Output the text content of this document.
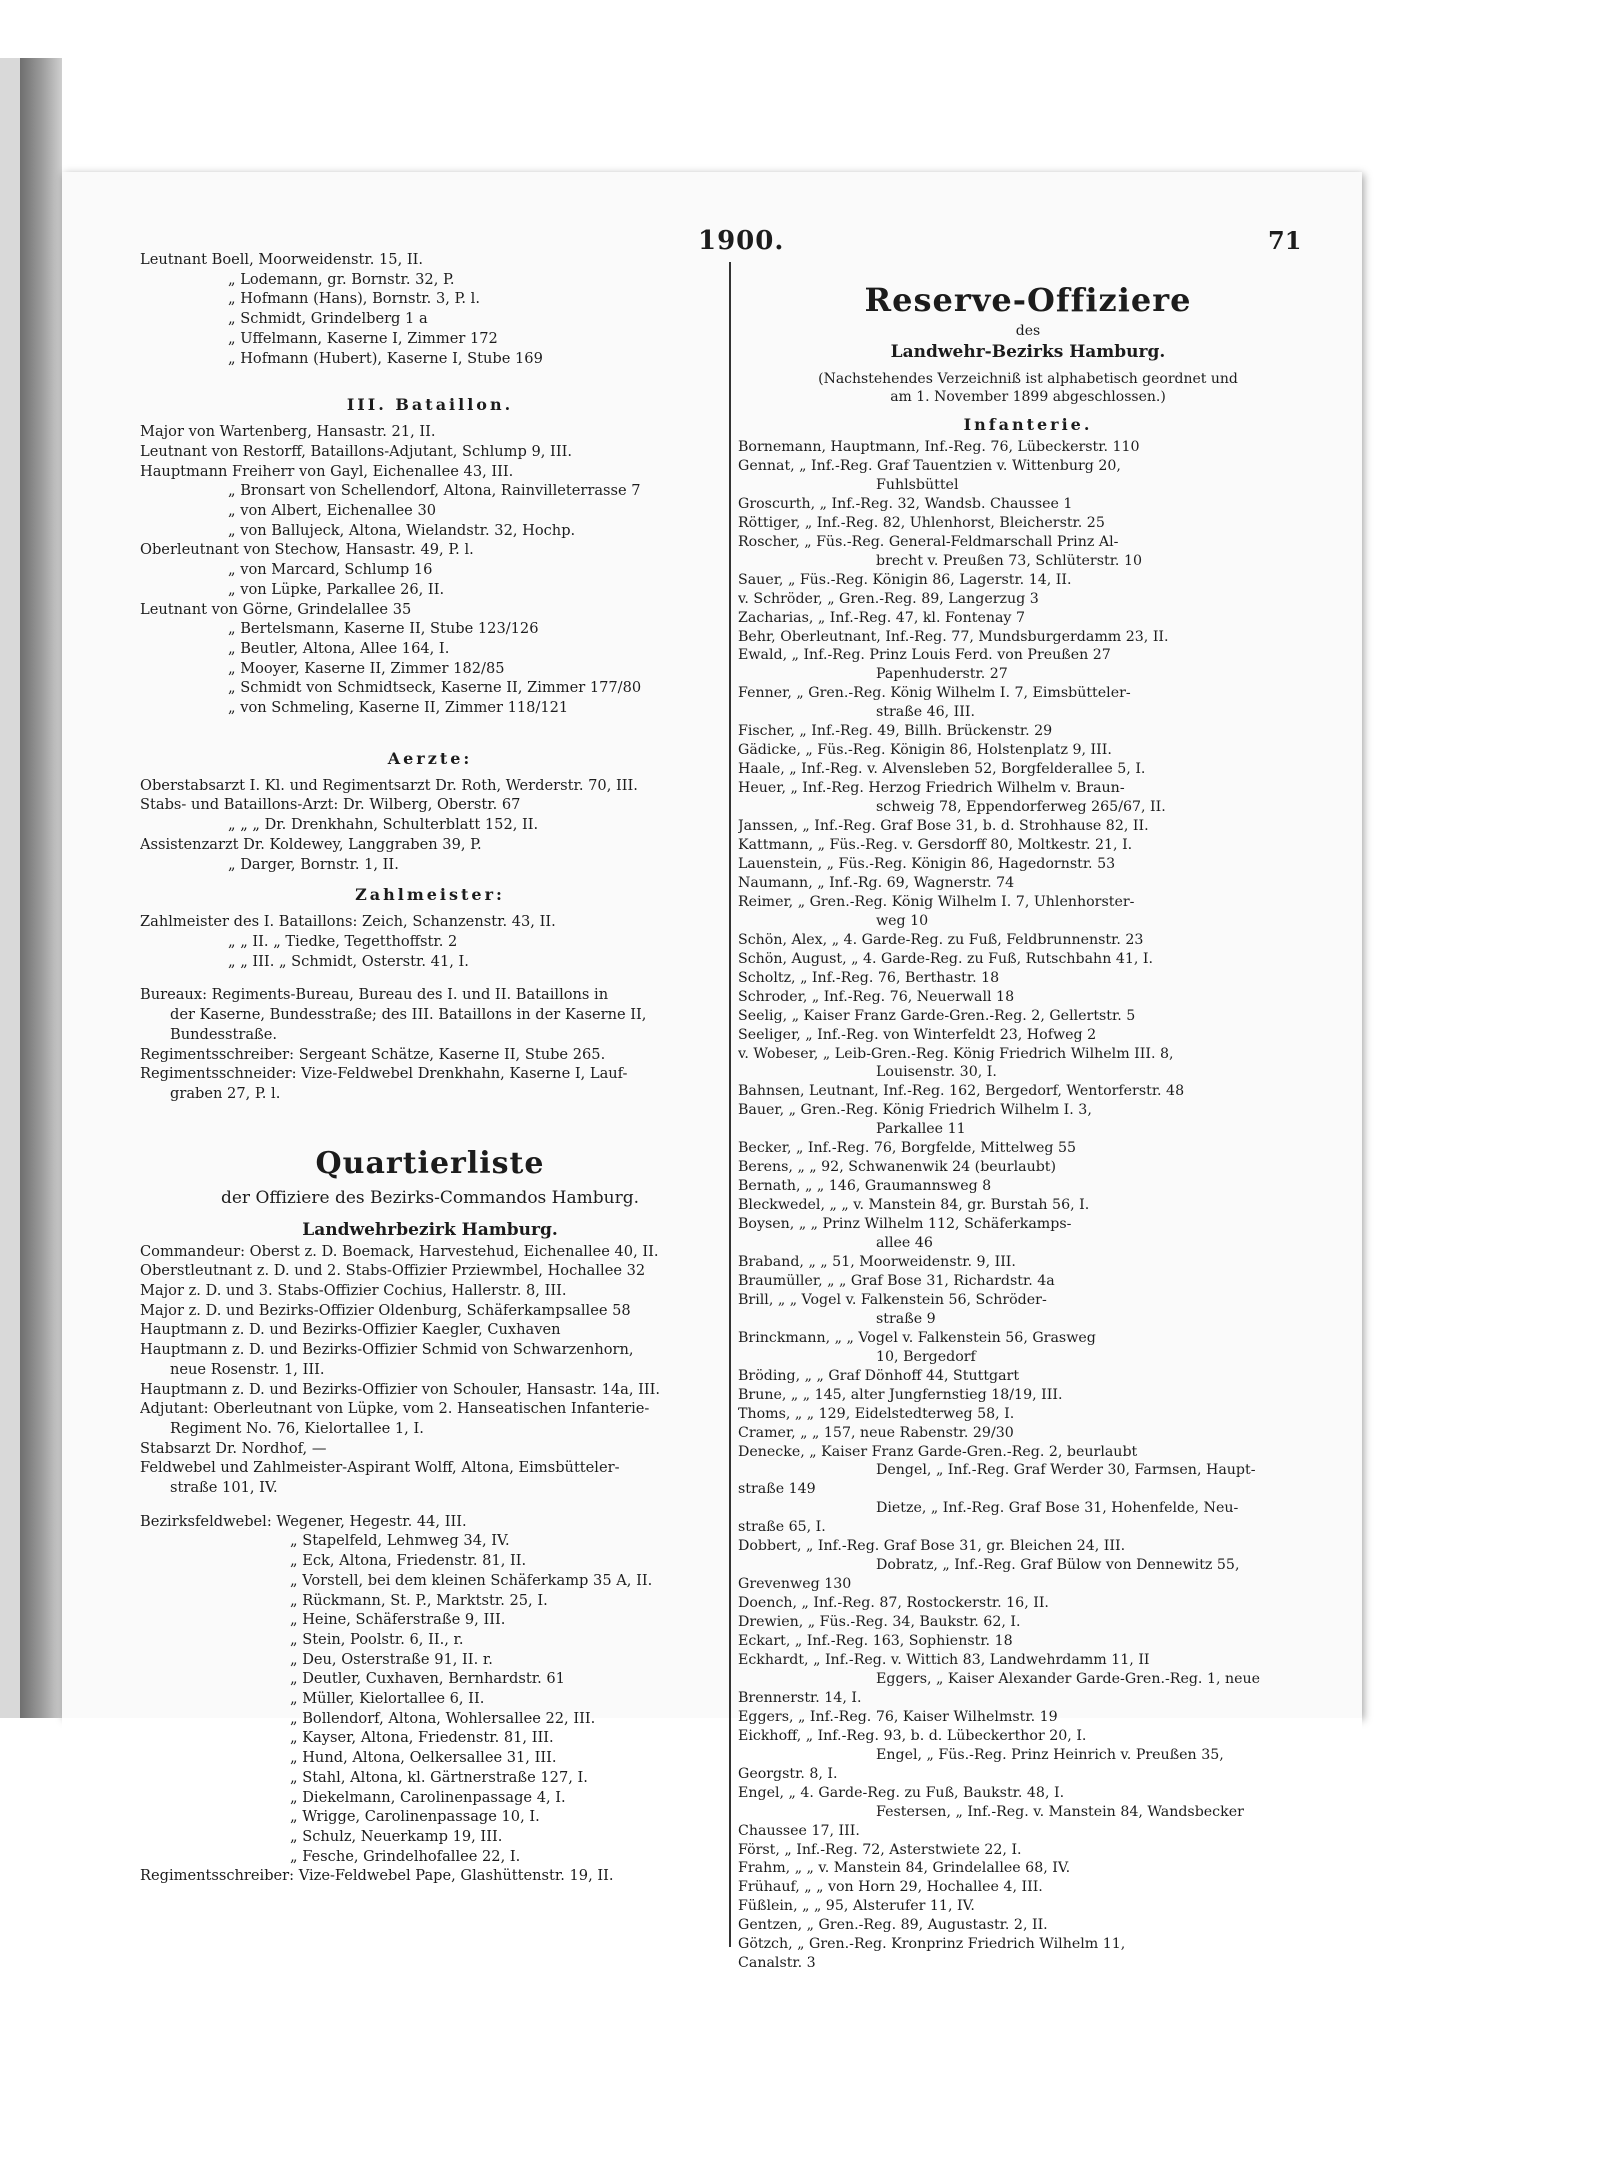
1900.	71
Leutnant Boell, Moorweidenstr. 15, II.
„ Lodemann, gr. Bornstr. 32, P.
„ Hofmann (Hans), Bornstr. 3, P. l.
„ Schmidt, Grindelberg 1 a
„ Uffelmann, Kaserne I, Zimmer 172
„ Hofmann (Hubert), Kaserne I, Stube 169
III. Bataillon.
Major von Wartenberg, Hansastr. 21, II.
Leutnant von Restorff, Bataillons-Adjutant, Schlump 9, III.
Hauptmann Freiherr von Gayl, Eichenallee 43, III.
„ Bronsart von Schellendorf, Altona, Rainvilleterrasse 7
„ von Albert, Eichenallee 30
„ von Ballujeck, Altona, Wielandstr. 32, Hochp.
Oberleutnant von Stechow, Hansastr. 49, P. l.
„ von Marcard, Schlump 16
„ von Lüpke, Parkallee 26, II.
Leutnant von Görne, Grindelallee 35
„ Bertelsmann, Kaserne II, Stube 123/126
„ Beutler, Altona, Allee 164, I.
„ Mooyer, Kaserne II, Zimmer 182/85
„ Schmidt von Schmidtseck, Kaserne II, Zimmer 177/80
„ von Schmeling, Kaserne II, Zimmer 118/121
Aerzte:
Oberstabsarzt I. Kl. und Regimentsarzt Dr. Roth, Werderstr. 70, III.
Stabs- und Bataillons-Arzt: Dr. Wilberg, Oberstr. 67
„ „ „ Dr. Drenkhahn, Schulterblatt 152, II.
Assistenzarzt Dr. Koldewey, Langgraben 39, P.
„ Darger, Bornstr. 1, II.
Zahlmeister:
Zahlmeister des I. Bataillons: Zeich, Schanzenstr. 43, II.
„ „ II. „ Tiedke, Tegetthoffstr. 2
„ „ III. „ Schmidt, Osterstr. 41, I.
Bureaux: Regiments-Bureau, Bureau des I. und II. Bataillons in
der Kaserne, Bundesstraße; des III. Bataillons in der Kaserne II,
Bundesstraße.
Regimentsschreiber: Sergeant Schätze, Kaserne II, Stube 265.
Regimentsschneider: Vize-Feldwebel Drenkhahn, Kaserne I, Lauf-
graben 27, P. l.
Quartierliste
der Offiziere des Bezirks-Commandos Hamburg.
Landwehrbezirk Hamburg.
Commandeur: Oberst z. D. Boemack, Harvestehud, Eichenallee 40, II.
Oberstleutnant z. D. und 2. Stabs-Offizier Prziewmbel, Hochallee 32
Major z. D. und 3. Stabs-Offizier Cochius, Hallerstr. 8, III.
Major z. D. und Bezirks-Offizier Oldenburg, Schäferkampsallee 58
Hauptmann z. D. und Bezirks-Offizier Kaegler, Cuxhaven
Hauptmann z. D. und Bezirks-Offizier Schmid von Schwarzenhorn,
neue Rosenstr. 1, III.
Hauptmann z. D. und Bezirks-Offizier von Schouler, Hansastr. 14a, III.
Adjutant: Oberleutnant von Lüpke, vom 2. Hanseatischen Infanterie-
Regiment No. 76, Kielortallee 1, I.
Stabsarzt Dr. Nordhof, —
Feldwebel und Zahlmeister-Aspirant Wolff, Altona, Eimsbütteler-
straße 101, IV.
Bezirksfeldwebel: Wegener, Hegestr. 44, III.
„ Stapelfeld, Lehmweg 34, IV.
„ Eck, Altona, Friedenstr. 81, II.
„ Vorstell, bei dem kleinen Schäferkamp 35 A, II.
„ Rückmann, St. P., Marktstr. 25, I.
„ Heine, Schäferstraße 9, III.
„ Stein, Poolstr. 6, II., r.
„ Deu, Osterstraße 91, II. r.
„ Deutler, Cuxhaven, Bernhardstr. 61
„ Müller, Kielortallee 6, II.
„ Bollendorf, Altona, Wohlersallee 22, III.
„ Kayser, Altona, Friedenstr. 81, III.
„ Hund, Altona, Oelkersallee 31, III.
„ Stahl, Altona, kl. Gärtnerstraße 127, I.
„ Diekelmann, Carolinenpassage 4, I.
„ Wrigge, Carolinenpassage 10, I.
„ Schulz, Neuerkamp 19, III.
„ Fesche, Grindelhofallee 22, I.
Regimentsschreiber: Vize-Feldwebel Pape, Glashüttenstr. 19, II.
Reserve-Offiziere
des
Landwehr-Bezirks Hamburg.
(Nachstehendes Verzeichniß ist alphabetisch geordnet und
am 1. November 1899 abgeschlossen.)
Infanterie.
Bornemann, Hauptmann, Inf.-Reg. 76, Lübeckerstr. 110
Gennat, „ Inf.-Reg. Graf Tauentzien v. Wittenburg 20,
Fuhlsbüttel
Groscurth, „ Inf.-Reg. 32, Wandsb. Chaussee 1
Röttiger, „ Inf.-Reg. 82, Uhlenhorst, Bleicherstr. 25
Roscher, „ Füs.-Reg. General-Feldmarschall Prinz Al-
brecht v. Preußen 73, Schlüterstr. 10
Sauer, „ Füs.-Reg. Königin 86, Lagerstr. 14, II.
v. Schröder, „ Gren.-Reg. 89, Langerzug 3
Zacharias, „ Inf.-Reg. 47, kl. Fontenay 7
Behr, Oberleutnant, Inf.-Reg. 77, Mundsburgerdamm 23, II.
Ewald, „ Inf.-Reg. Prinz Louis Ferd. von Preußen 27
Papenhuderstr. 27
Fenner, „ Gren.-Reg. König Wilhelm I. 7, Eimsbütteler-
straße 46, III.
Fischer, „ Inf.-Reg. 49, Billh. Brückenstr. 29
Gädicke, „ Füs.-Reg. Königin 86, Holstenplatz 9, III.
Haale, „ Inf.-Reg. v. Alvensleben 52, Borgfelderallee 5, I.
Heuer, „ Inf.-Reg. Herzog Friedrich Wilhelm v. Braun-
schweig 78, Eppendorferweg 265/67, II.
Janssen, „ Inf.-Reg. Graf Bose 31, b. d. Strohhause 82, II.
Kattmann, „ Füs.-Reg. v. Gersdorff 80, Moltkestr. 21, I.
Lauenstein, „ Füs.-Reg. Königin 86, Hagedornstr. 53
Naumann, „ Inf.-Rg. 69, Wagnerstr. 74
Reimer, „ Gren.-Reg. König Wilhelm I. 7, Uhlenhorster-
weg 10
Schön, Alex, „ 4. Garde-Reg. zu Fuß, Feldbrunnenstr. 23
Schön, August, „ 4. Garde-Reg. zu Fuß, Rutschbahn 41, I.
Scholtz, „ Inf.-Reg. 76, Berthastr. 18
Schroder, „ Inf.-Reg. 76, Neuerwall 18
Seelig, „ Kaiser Franz Garde-Gren.-Reg. 2, Gellertstr. 5
Seeliger, „ Inf.-Reg. von Winterfeldt 23, Hofweg 2
v. Wobeser, „ Leib-Gren.-Reg. König Friedrich Wilhelm III. 8,
Louisenstr. 30, I.
Bahnsen, Leutnant, Inf.-Reg. 162, Bergedorf, Wentorferstr. 48
Bauer, „ Gren.-Reg. König Friedrich Wilhelm I. 3,
Parkallee 11
Becker, „ Inf.-Reg. 76, Borgfelde, Mittelweg 55
Berens, „ „ 92, Schwanenwik 24 (beurlaubt)
Bernath, „ „ 146, Graumannsweg 8
Bleckwedel, „ „ v. Manstein 84, gr. Burstah 56, I.
Boysen, „ „ Prinz Wilhelm 112, Schäferkamps-
allee 46
Braband, „ „ 51, Moorweidenstr. 9, III.
Braumüller, „ „ Graf Bose 31, Richardstr. 4a
Brill, „ „ Vogel v. Falkenstein 56, Schröder-
straße 9
Brinckmann, „ „ Vogel v. Falkenstein 56, Grasweg
10, Bergedorf
Bröding, „ „ Graf Dönhoff 44, Stuttgart
Brune, „ „ 145, alter Jungfernstieg 18/19, III.
Thoms, „ „ 129, Eidelstedterweg 58, I.
Cramer, „ „ 157, neue Rabenstr. 29/30
Denecke, „ Kaiser Franz Garde-Gren.-Reg. 2, beurlaubt
Dengel, „ Inf.-Reg. Graf Werder 30, Farmsen, Haupt-
straße 149
Dietze, „ Inf.-Reg. Graf Bose 31, Hohenfelde, Neu-
straße 65, I.
Dobbert, „ Inf.-Reg. Graf Bose 31, gr. Bleichen 24, III.
Dobratz, „ Inf.-Reg. Graf Bülow von Dennewitz 55,
Grevenweg 130
Doench, „ Inf.-Reg. 87, Rostockerstr. 16, II.
Drewien, „ Füs.-Reg. 34, Baukstr. 62, I.
Eckart, „ Inf.-Reg. 163, Sophienstr. 18
Eckhardt, „ Inf.-Reg. v. Wittich 83, Landwehrdamm 11, II
Eggers, „ Kaiser Alexander Garde-Gren.-Reg. 1, neue
Brennerstr. 14, I.
Eggers, „ Inf.-Reg. 76, Kaiser Wilhelmstr. 19
Eickhoff, „ Inf.-Reg. 93, b. d. Lübeckerthor 20, I.
Engel, „ Füs.-Reg. Prinz Heinrich v. Preußen 35,
Georgstr. 8, I.
Engel, „ 4. Garde-Reg. zu Fuß, Baukstr. 48, I.
Festersen, „ Inf.-Reg. v. Manstein 84, Wandsbecker
Chaussee 17, III.
Först, „ Inf.-Reg. 72, Asterstwiete 22, I.
Frahm, „ „ v. Manstein 84, Grindelallee 68, IV.
Frühauf, „ „ von Horn 29, Hochallee 4, III.
Füßlein, „ „ 95, Alsterufer 11, IV.
Gentzen, „ Gren.-Reg. 89, Augustastr. 2, II.
Götzch, „ Gren.-Reg. Kronprinz Friedrich Wilhelm 11,
Canalstr. 3
